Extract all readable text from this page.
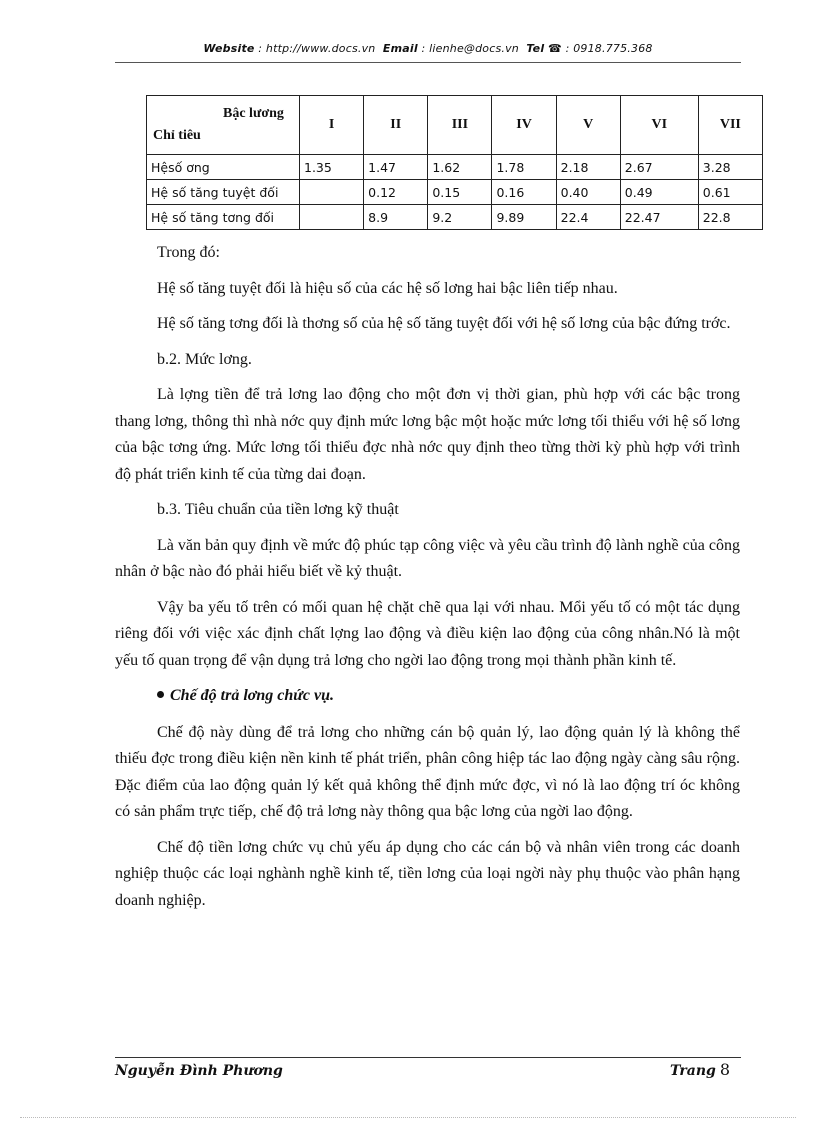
Website : http://www.docs.vn Email : lienhe@docs.vn Tel ☎ : 0918.775.368
Bậc lương
Chỉ tiêu	I	II	III	IV	V	VI	VII
Hệsố ơng	1.35	1.47	1.62	1.78	2.18	2.67	3.28
Hệ số tăng tuyệt đối		0.12	0.15	0.16	0.40	0.49	0.61
Hệ số tăng tơng đối		8.9	9.2	9.89	22.4	22.47	22.8

Trong đó:

Hệ số tăng tuyệt đối là hiệu số của các hệ số lơng hai bậc liên tiếp nhau.

Hệ số tăng tơng đối là thơng số của hệ số tăng tuyệt đối với hệ số lơng của bậc đứng trớc.

b.2. Mức lơng.

Là lợng tiền để trả lơng lao động cho một đơn vị thời gian, phù hợp với các bậc trong thang lơng, thông thì nhà nớc quy định mức lơng bậc một hoặc mức lơng tối thiểu với hệ số lơng của bậc tơng ứng. Mức lơng tối thiểu đợc nhà nớc quy định theo từng thời kỳ phù hợp với trình độ phát triển kinh tế của từng dai đoạn.

b.3. Tiêu chuẩn của tiền lơng kỹ thuật

Là văn bản quy định về mức độ phúc tạp công việc và yêu cầu trình độ lành nghề của công nhân ở bậc nào đó phải hiểu biết về kỷ thuật.

Vậy ba yếu tố trên có mối quan hệ chặt chẽ qua lại với nhau. Mổi yếu tố có một tác dụng riêng đối với việc xác định chất lợng lao động và điều kiện lao động của công nhân.Nó là một yếu tố quan trọng để vận dụng trả lơng cho ngời lao động trong mọi thành phần kinh tế.

Chế độ trả lơng chức vụ.

Chế độ này dùng để trả lơng cho những cán bộ quản lý, lao động quản lý là không thể thiếu đợc trong điều kiện nền kinh tế phát triển, phân công hiệp tác lao động ngày càng sâu rộng. Đặc điểm của lao động quản lý kết quả không thể định mức đợc, vì nó là lao động trí óc không có sản phẩm trực tiếp, chế độ trả lơng này thông qua bậc lơng của ngời lao động.

Chế độ tiền lơng chức vụ chủ yếu áp dụng cho các cán bộ và nhân viên trong các doanh nghiệp thuộc các loại nghành nghề kinh tế, tiền lơng của loại ngời này phụ thuộc vào phân hạng doanh nghiệp.

Nguyễn Đình Phương	Trang 8
